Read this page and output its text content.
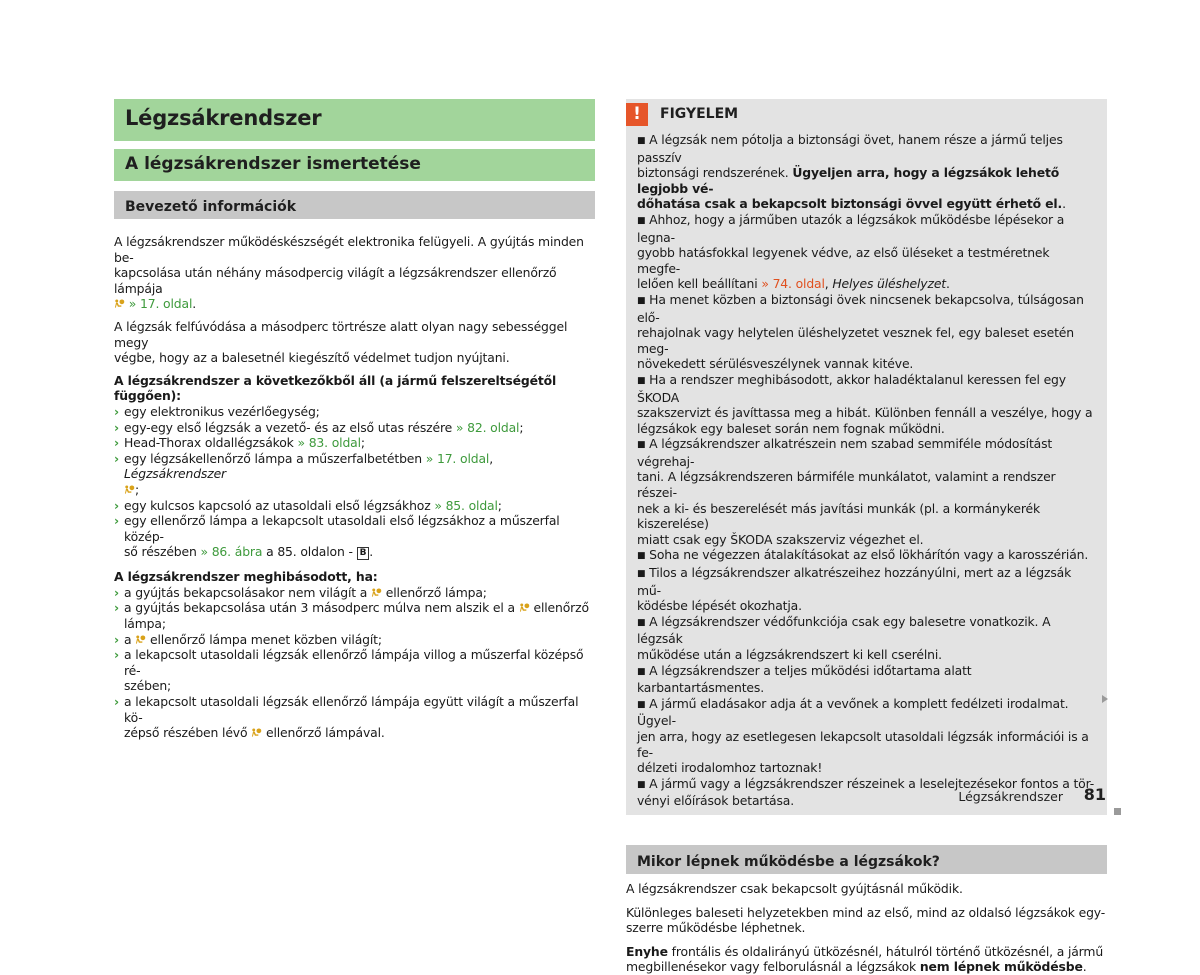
Légzsákrendszer
A légzsákrendszer ismertetése
Bevezető információk

A légzsákrendszer működéskészségét elektronika felügyeli. A gyújtás minden be-
kapcsolása után néhány másodpercig világít a légzsákrendszer ellenőrző lámpája
» 17. oldal.

A légzsák felfúvódása a másodperc törtrésze alatt olyan nagy sebességgel megy
végbe, hogy az a balesetnél kiegészítő védelmet tudjon nyújtani.

A légzsákrendszer a következőkből áll (a jármű felszereltségétől függően):

› egy elektronikus vezérlőegység;
› egy-egy első légzsák a vezető- és az első utas részére » 82. oldal;
› Head-Thorax oldallégzsákok » 83. oldal;
› egy légzsákellenőrző lámpa a műszerfalbetétben » 17. oldal, Légzsákrendszer
;
› egy kulcsos kapcsoló az utasoldali első légzsákhoz » 85. oldal;
› egy ellenőrző lámpa a lekapcsolt utasoldali első légzsákhoz a műszerfal közép-
ső részében » 86. ábra a 85. oldalon - B .

A légzsákrendszer meghibásodott, ha:

› a gyújtás bekapcsolásakor nem világít a  ellenőrző lámpa;
› a gyújtás bekapcsolása után 3 másodperc múlva nem alszik el a  ellenőrző
lámpa;
› a  ellenőrző lámpa menet közben világít;
› a lekapcsolt utasoldali légzsák ellenőrző lámpája villog a műszerfal középső ré-
szében;
› a lekapcsolt utasoldali légzsák ellenőrző lámpája együtt világít a műszerfal kö-
zépső részében lévő  ellenőrző lámpával.
!	FIGYELEM
■ A légzsák nem pótolja a biztonsági övet, hanem része a jármű teljes passzív
biztonsági rendszerének. Ügyeljen arra, hogy a légzsákok lehető legjobb vé-
dőhatása csak a bekapcsolt biztonsági övvel együtt érhető el..
■ Ahhoz, hogy a járműben utazók a légzsákok működésbe lépésekor a legna-
gyobb hatásfokkal legyenek védve, az első üléseket a testméretnek megfe-
lelően kell beállítani » 74. oldal, Helyes üléshelyzet.
■ Ha menet közben a biztonsági övek nincsenek bekapcsolva, túlságosan elő-
rehajolnak vagy helytelen üléshelyzetet vesznek fel, egy baleset esetén meg-
növekedett sérülésveszélynek vannak kitéve.
■ Ha a rendszer meghibásodott, akkor haladéktalanul keressen fel egy ŠKODA
szakszervizt és javíttassa meg a hibát. Különben fennáll a veszélye, hogy a
légzsákok egy baleset során nem fognak működni.
■ A légzsákrendszer alkatrészein nem szabad semmiféle módosítást végrehaj-
tani. A légzsákrendszeren bármiféle munkálatot, valamint a rendszer részei-
nek a ki- és beszerelését más javítási munkák (pl. a kormánykerék kiszerelése)
miatt csak egy ŠKODA szakszerviz végezhet el.
■ Soha ne végezzen átalakításokat az első lökhárítón vagy a karosszérián.
■ Tilos a légzsákrendszer alkatrészeihez hozzányúlni, mert az a légzsák mű-
ködésbe lépését okozhatja.
■ A légzsákrendszer védőfunkciója csak egy balesetre vonatkozik. A légzsák
működése után a légzsákrendszert ki kell cserélni.
■ A légzsákrendszer a teljes működési időtartama alatt karbantartásmentes.
■ A jármű eladásakor adja át a vevőnek a komplett fedélzeti irodalmat. Ügyel-
jen arra, hogy az esetlegesen lekapcsolt utasoldali légzsák információi is a fe-
délzeti irodalomhoz tartoznak!
■ A jármű vagy a légzsákrendszer részeinek a leselejtezésekor fontos a tör-
vényi előírások betartása.
Mikor lépnek működésbe a légzsákok?

A légzsákrendszer csak bekapcsolt gyújtásnál működik.

Különleges baleseti helyzetekben mind az első, mind az oldalsó légzsákok egy-
szerre működésbe léphetnek.

Enyhe frontális és oldalirányú ütközésnél, hátulról történő ütközésnél, a jármű
megbillenésekor vagy felborulásnál a légzsákok nem lépnek működésbe.

Légzsákrendszer 81
